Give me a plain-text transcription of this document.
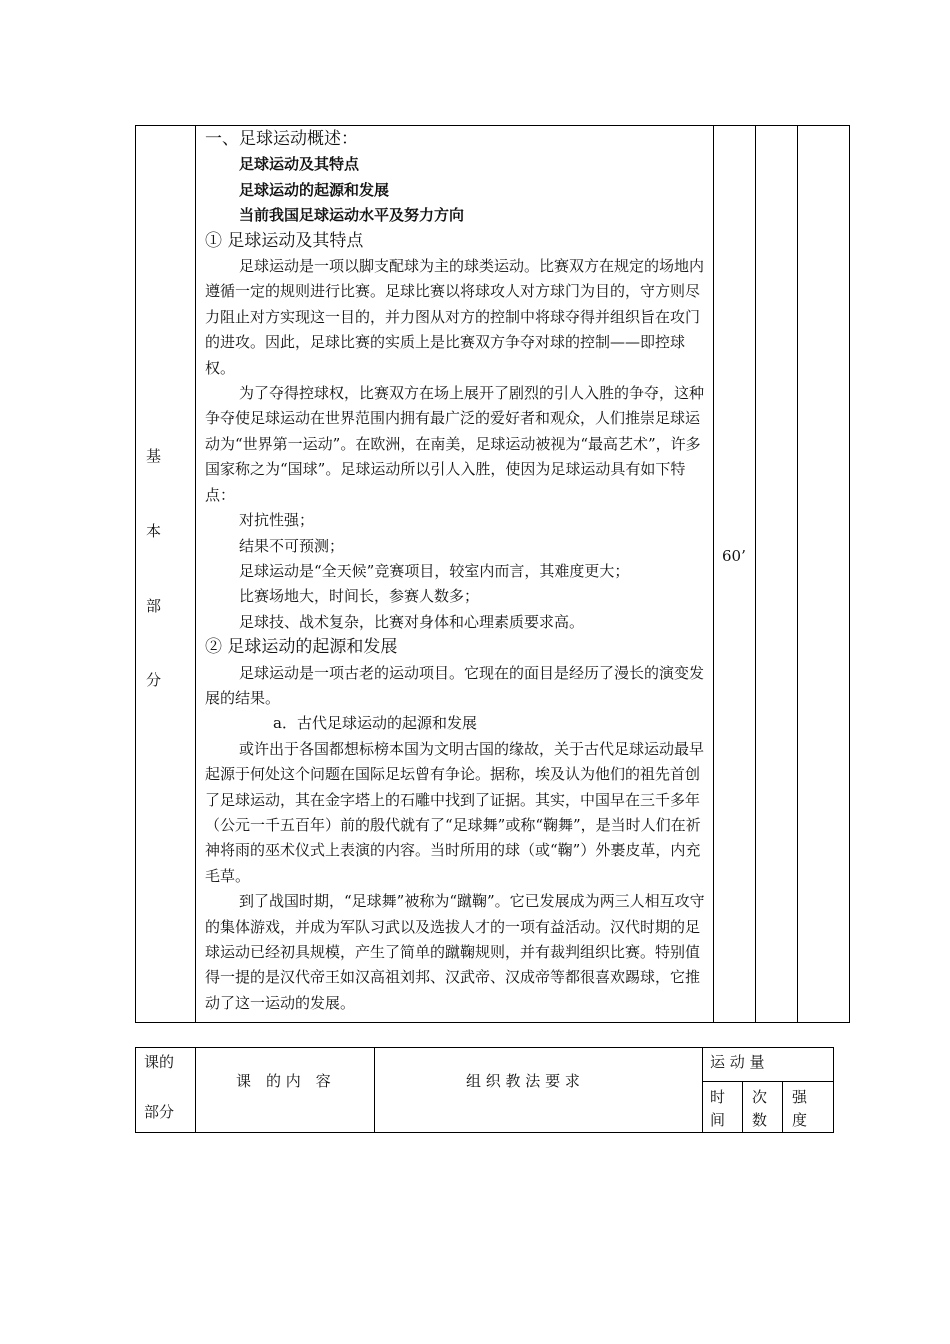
基
本
部
分

一、足球运动概述：

足球运动及其特点

足球运动的起源和发展

当前我国足球运动水平及努力方向

① 足球运动及其特点

足球运动是一项以脚支配球为主的球类运动。比赛双方在规定的场地内遵循一定的规则进行比赛。足球比赛以将球攻人对方球门为目的，守方则尽力阻止对方实现这一目的，并力图从对方的控制中将球夺得并组织旨在攻门的进攻。因此，足球比赛的实质上是比赛双方争夺对球的控制——即控球权。

为了夺得控球权，比赛双方在场上展开了剧烈的引人入胜的争夺，这种争夺使足球运动在世界范围内拥有最广泛的爱好者和观众，人们推崇足球运动为“世界第一运动”。在欧洲，在南美，足球运动被视为“最高艺术”，许多国家称之为“国球”。足球运动所以引人入胜，使因为足球运动具有如下特点：

对抗性强；

结果不可预测；

足球运动是“全天候”竞赛项目，较室内而言，其难度更大；

比赛场地大，时间长，参赛人数多；

足球技、战术复杂，比赛对身体和心理素质要求高。

② 足球运动的起源和发展

足球运动是一项古老的运动项目。它现在的面目是经历了漫长的演变发展的结果。

a．古代足球运动的起源和发展

或许出于各国都想标榜本国为文明古国的缘故，关于古代足球运动最早起源于何处这个问题在国际足坛曾有争论。据称，埃及认为他们的祖先首创了足球运动，其在金字塔上的石雕中找到了证据。其实，中国早在三千多年（公元一千五百年）前的殷代就有了“足球舞”或称“鞠舞”，是当时人们在祈神将雨的巫术仪式上表演的内容。当时所用的球（或“鞠”）外裹皮革，内充毛草。

到了战国时期，“足球舞”被称为“蹴鞠”。它已发展成为两三人相互攻守的集体游戏，并成为军队习武以及选拔人才的一项有益活动。汉代时期的足球运动已经初具规模，产生了简单的蹴鞠规则，并有裁判组织比赛。特别值得一提的是汉代帝王如汉高祖刘邦、汉武帝、汉成帝等都很喜欢踢球，它推动了这一运动的发展。

60’
课的
部分
课　的 内　容	组 织 教 法 要 求
运 动 量
时
间
次
数
强
度
